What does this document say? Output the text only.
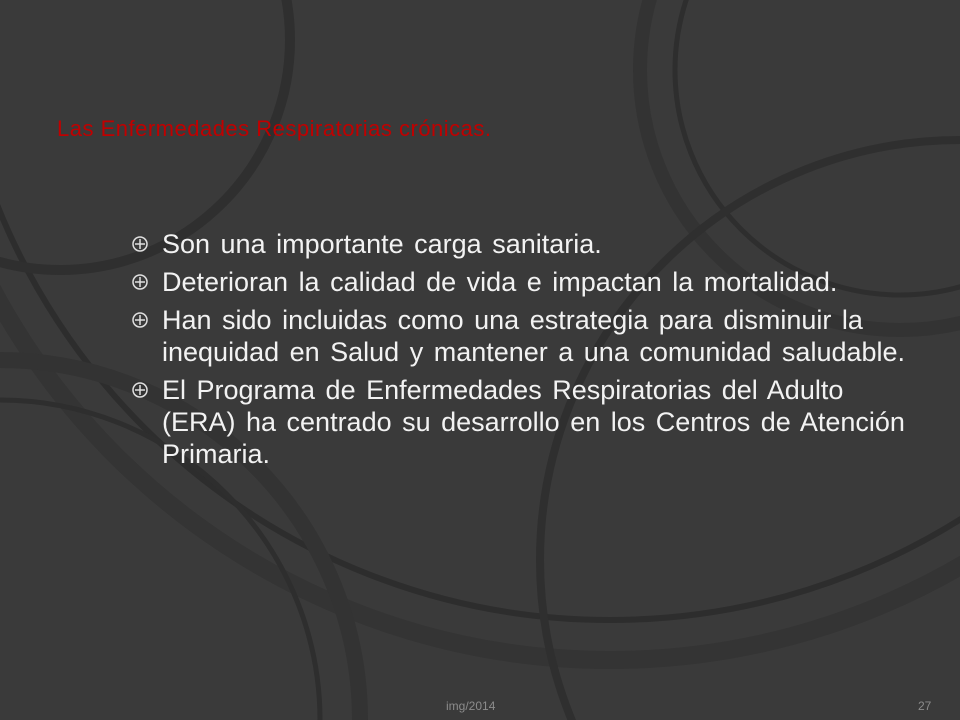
Las Enfermedades Respiratorias crónicas.
Son una importante carga sanitaria.
Deterioran la calidad de vida e impactan la mortalidad.
Han sido incluidas como una estrategia para disminuir la inequidad en Salud y mantener a una comunidad saludable.
El Programa de Enfermedades Respiratorias del Adulto (ERA) ha centrado su desarrollo en los Centros de Atención Primaria.
img/2014	27
